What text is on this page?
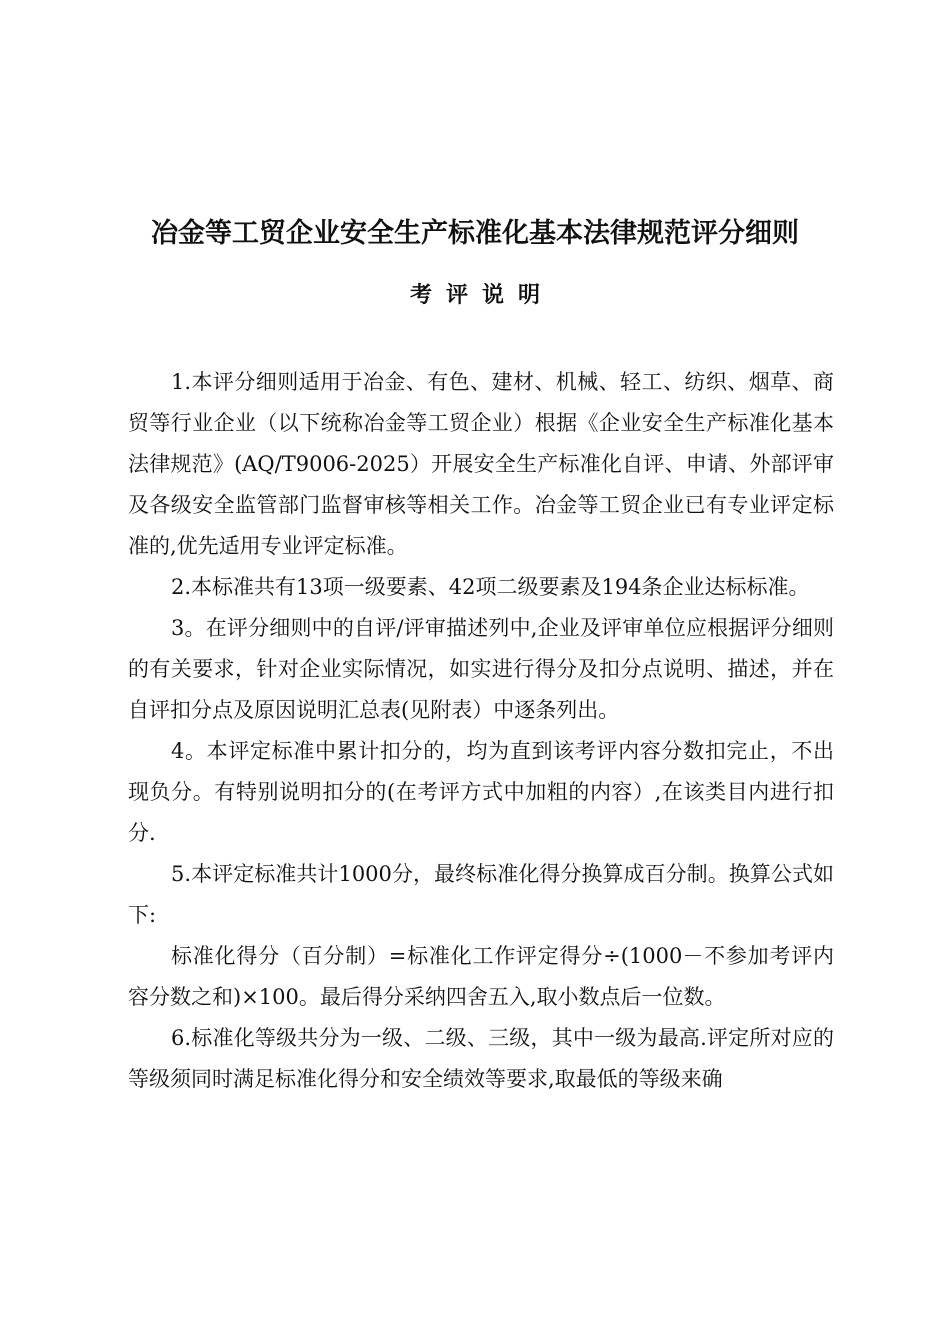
冶金等工贸企业安全生产标准化基本法律规范评分细则
考评说明

1.本评分细则适用于冶金、有色、建材、机械、轻工、纺织、烟草、商贸等行业企业（以下统称冶金等工贸企业）根据《企业安全生产标准化基本法律规范》(AQ/T9006-2025）开展安全生产标准化自评、申请、外部评审及各级安全监管部门监督审核等相关工作。冶金等工贸企业已有专业评定标准的,优先适用专业评定标准。

2.本标准共有13项一级要素、42项二级要素及194条企业达标标准。

3。在评分细则中的自评/评审描述列中,企业及评审单位应根据评分细则的有关要求，针对企业实际情况，如实进行得分及扣分点说明、描述，并在自评扣分点及原因说明汇总表(见附表）中逐条列出。

4。本评定标准中累计扣分的，均为直到该考评内容分数扣完止，不出现负分。有特别说明扣分的(在考评方式中加粗的内容）,在该类目内进行扣分.

5.本评定标准共计1000分，最终标准化得分换算成百分制。换算公式如下:

标准化得分（百分制）=标准化工作评定得分÷(1000－不参加考评内容分数之和)×100。最后得分采纳四舍五入,取小数点后一位数。

6.标准化等级共分为一级、二级、三级，其中一级为最高.评定所对应的等级须同时满足标准化得分和安全绩效等要求,取最低的等级来确
